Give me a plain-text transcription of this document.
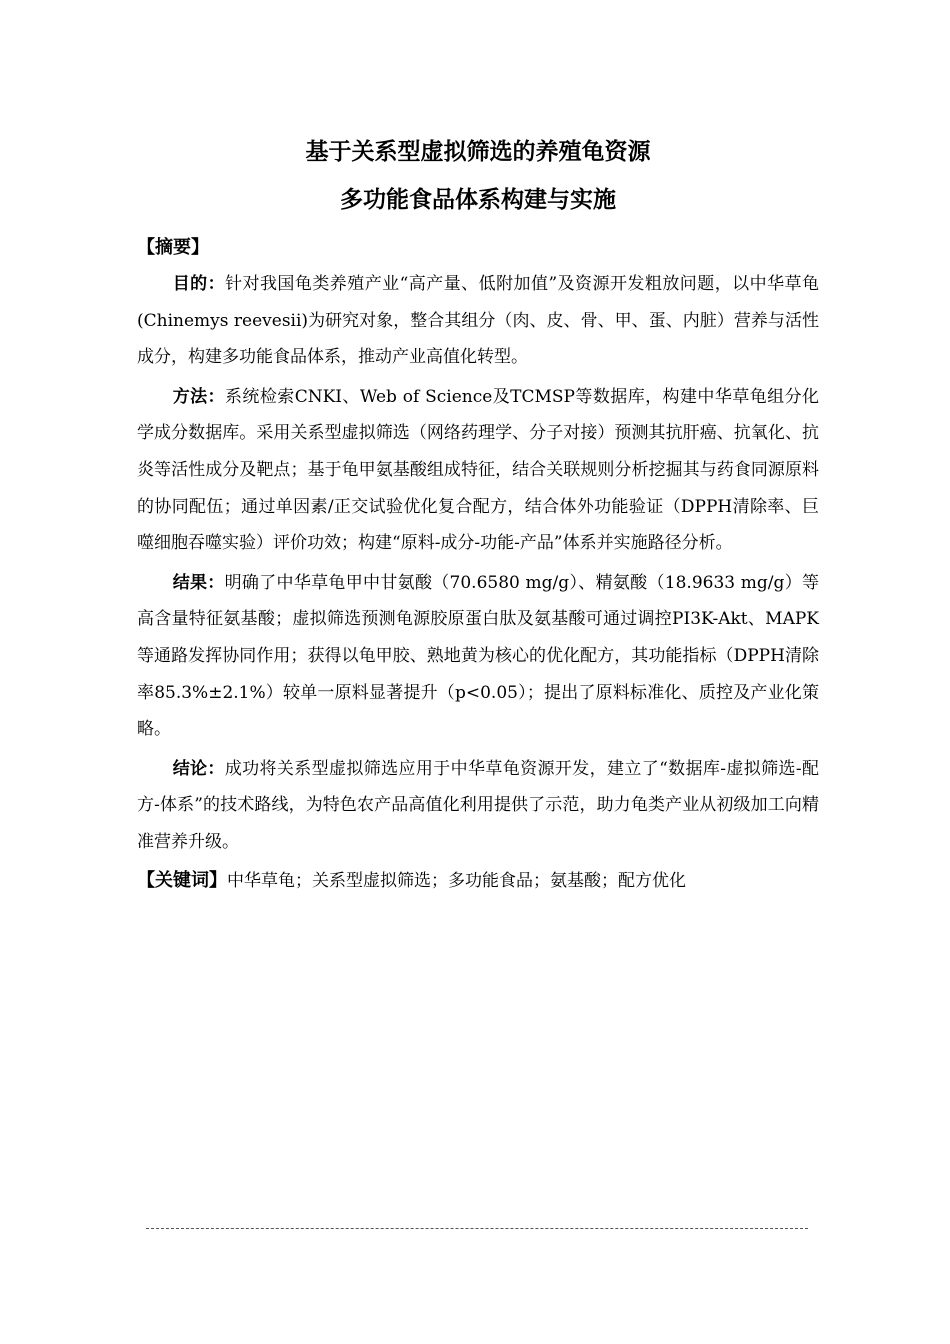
基于关系型虚拟筛选的养殖龟资源
多功能食品体系构建与实施
【摘要】

目的：针对我国龟类养殖产业“高产量、低附加值”及资源开发粗放问题，以中华草龟(Chinemys reevesii)为研究对象，整合其组分（肉、皮、骨、甲、蛋、内脏）营养与活性成分，构建多功能食品体系，推动产业高值化转型。

方法：系统检索CNKI、Web of Science及TCMSP等数据库，构建中华草龟组分化学成分数据库。采用关系型虚拟筛选（网络药理学、分子对接）预测其抗肝癌、抗氧化、抗炎等活性成分及靶点；基于龟甲氨基酸组成特征，结合关联规则分析挖掘其与药食同源原料的协同配伍；通过单因素/正交试验优化复合配方，结合体外功能验证（DPPH清除率、巨噬细胞吞噬实验）评价功效；构建“原料-成分-功能-产品”体系并实施路径分析。

结果：明确了中华草龟甲中甘氨酸（70.6580 mg/g）、精氨酸（18.9633 mg/g）等高含量特征氨基酸；虚拟筛选预测龟源胶原蛋白肽及氨基酸可通过调控PI3K-Akt、MAPK等通路发挥协同作用；获得以龟甲胶、熟地黄为核心的优化配方，其功能指标（DPPH清除率85.3%±2.1%）较单一原料显著提升（p<0.05）；提出了原料标准化、质控及产业化策略。

结论：成功将关系型虚拟筛选应用于中华草龟资源开发，建立了“数据库-虚拟筛选-配方-体系”的技术路线，为特色农产品高值化利用提供了示范，助力龟类产业从初级加工向精准营养升级。

【关键词】中华草龟；关系型虚拟筛选；多功能食品；氨基酸；配方优化
